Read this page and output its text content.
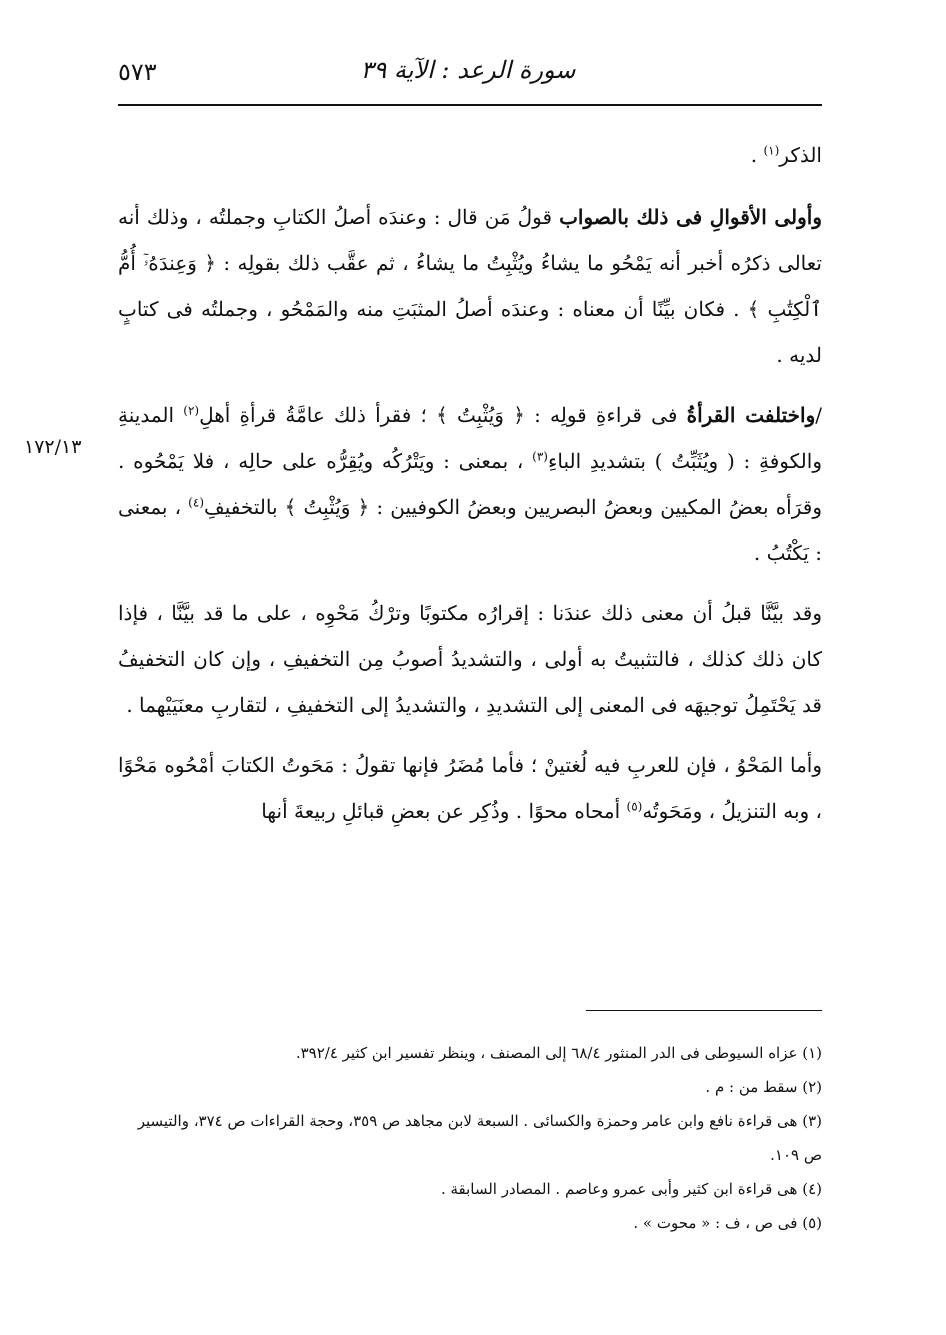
٥٧٣	سورة الرعد : الآية ٣٩
١٧٢/١٣

الذكر$^{(١)}$ .

وأولى الأقوالِ فى ذلك بالصواب قولُ مَن قال : وعندَه أصلُ الكتابِ وجملتُه ، وذلك أنه تعالى ذكرُه أخبر أنه يَمْحُو ما يشاءُ ويُثْبِتُ ما يشاءُ ، ثم عقَّب ذلك بقولِه : ﴿ وَعِندَهُۥٓ أُمُّ ٱلْكِتَٰبِ ﴾ . فكان بيِّنًا أن معناه : وعندَه أصلُ المثبَتِ منه والمَمْحُو ، وجملتُه فى كتابٍ لديه .

/واختلفت القرأةُ فى قراءةِ قولِه : ﴿ وَيُثْبِتُ ﴾ ؛ فقرأ ذلك عامَّةُ قرأةِ أهلِ$^{(٢)}$ المدينةِ والكوفةِ : ( ويُثَبِّتُ ) بتشديدِ الباءِ$^{(٣)}$ ، بمعنى : ويَتْرُكُه ويُقِرُّه على حالِه ، فلا يَمْحُوه . وقرَأه بعضُ المكيين وبعضُ البصريين وبعضُ الكوفيين : ﴿ وَيُثْبِتُ ﴾ بالتخفيفِ$^{(٤)}$ ، بمعنى : يَكْتُبُ .

وقد بيَّنَّا قبلُ أن معنى ذلك عندَنا : إقرارُه مكتوبًا وترْكُ مَحْوِه ، على ما قد بيَّنَّا ، فإذا كان ذلك كذلك ، فالتثبيتُ به أولى ، والتشديدُ أصوبُ مِن التخفيفِ ، وإن كان التخفيفُ قد يَحْتَمِلُ توجيهَه فى المعنى إلى التشديدِ ، والتشديدُ إلى التخفيفِ ، لتقاربِ معنَيَيْهما .

وأما المَحْوُ ، فإن للعربِ فيه لُغتينْ ؛ فأما مُضَرُ فإنها تقولُ : مَحَوتُ الكتابَ أمْحُوه مَحْوًا ، وبه التنزيلُ ، ومَحَوتُه$^{(٥)}$ أمحاه محوًا . وذُكِر عن بعضِ قبائلِ ربيعةَ أنها

(١) عزاه السيوطى فى الدر المنثور ٦٨/٤ إلى المصنف ، وينظر تفسير ابن كثير ٣٩٢/٤.

(٢) سقط من : م .

(٣) هى قراءة نافع وابن عامر وحمزة والكسائى . السبعة لابن مجاهد ص ٣٥٩، وحجة القراءات ص ٣٧٤، والتيسير ص ١٠٩.

(٤) هى قراءة ابن كثير وأبى عمرو وعاصم . المصادر السابقة .

(٥) فى ص ، ف : « محوت » .
